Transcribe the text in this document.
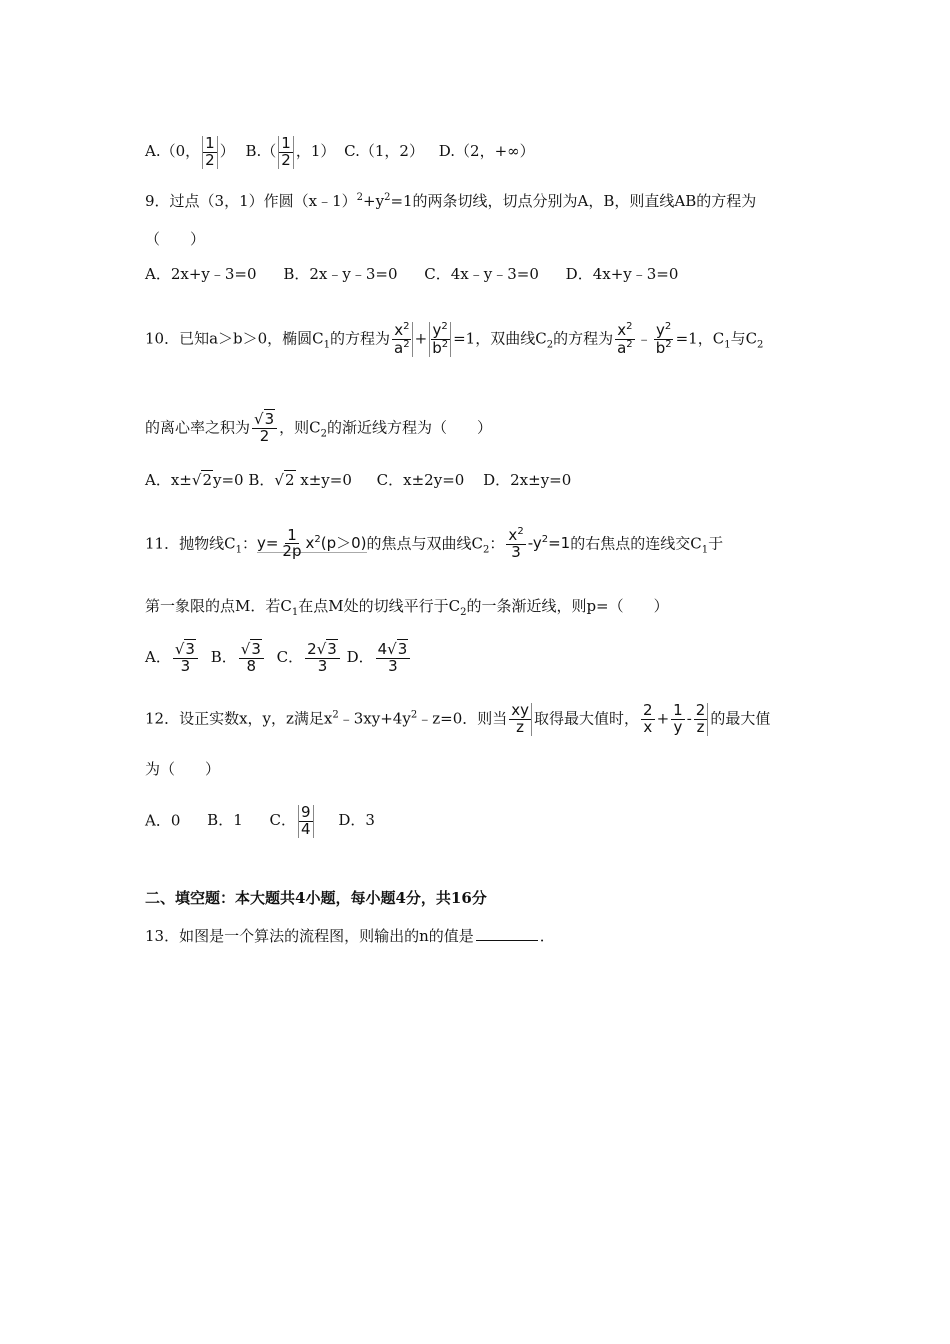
A.（0， $\frac{1}{2}$ ） $B.( \frac{1}{2}$ ，1） C.（1，2） D.（2，+∞）
9．过点（3，1）作圆$(x﹣1)^2+y^2=1$的两条切线，切点分别为A，B，则直线AB的方程为
（　　）
A．2x+y﹣3=0 B．2x﹣y﹣3=0 C．4x﹣y﹣3=0 D．4x+y﹣3=0
10．已知a＞b＞0，椭圆$C_1$的方程为 $\frac{x^2}{a^2} + \frac{y^2}{b^2} =1$，双曲线$C_2$的方程为 $\frac{x^2}{a^2}$ ﹣ $\frac{y^2}{b^2} =1$，$C_1$与$C_2$
的离心率之积为 $\frac{√3}{2}$ ，则$C_2$的渐近线方程为（　　）
A．x±√2y=0 B．√2 x±y=0 C．x±2y=0 D．2x±y=0
11．抛物线$C_1$：$y= \frac{1}{2p} x^2(p>0)$的焦点与双曲线$C_2$： $\frac{x^2}{3} -y^2=1$的右焦点的连线交$C_1$于
第一象限的点M．若$C_1$在点M处的切线平行于$C_2$的一条渐近线，则p=（　　）
A． $\frac{√3}{3}$ B． $\frac{√3}{8}$ C． $\frac{2√3}{3}$ D． $\frac{4√3}{3}$
12．设正实数x，y，z满足$x^2﹣3xy+4y^2﹣z=0$．则当 $\frac{xy}{z}$ 取得最大值时， $\frac{2}{x} + \frac{1}{y} - \frac{2}{z}$ 的最大值
为（　　）
A．0 B．1 C． $\frac{9}{4}$ D．3
二、填空题：本大题共4小题，每小题4分，共16分
13．如图是一个算法的流程图，则输出的n的值是	．
